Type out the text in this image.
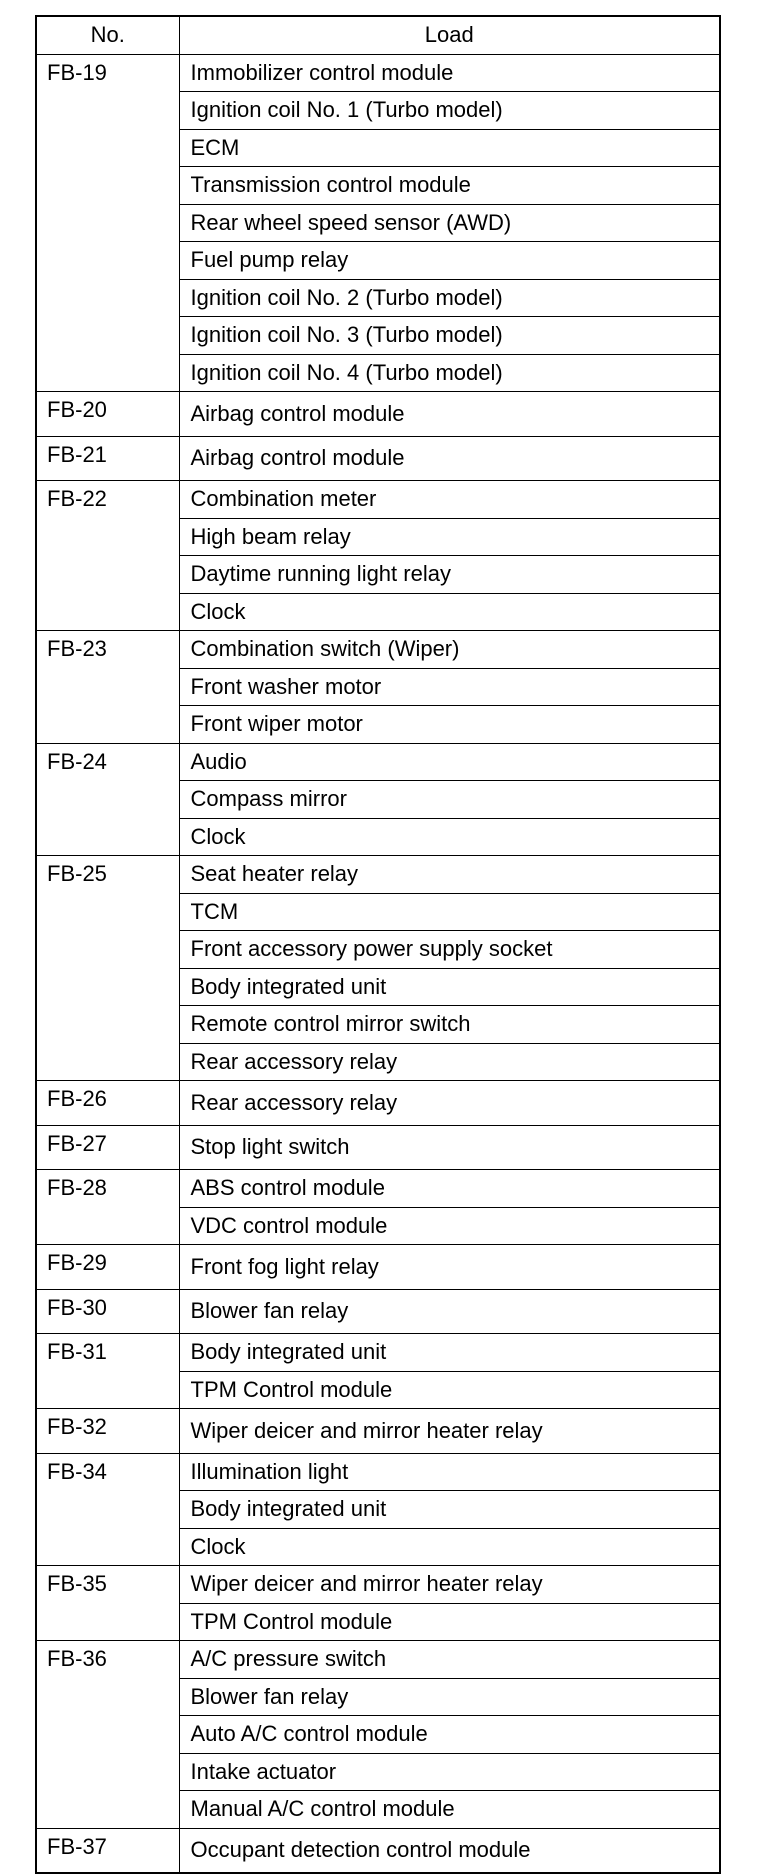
No.	Load
FB-19	Immobilizer control module
	Ignition coil No. 1 (Turbo model)
	ECM
	Transmission control module
	Rear wheel speed sensor (AWD)
	Fuel pump relay
	Ignition coil No. 2 (Turbo model)
	Ignition coil No. 3 (Turbo model)
	Ignition coil No. 4 (Turbo model)
FB-20	Airbag control module
FB-21	Airbag control module
FB-22	Combination meter
	High beam relay
	Daytime running light relay
	Clock
FB-23	Combination switch (Wiper)
	Front washer motor
	Front wiper motor
FB-24	Audio
	Compass mirror
	Clock
FB-25	Seat heater relay
	TCM
	Front accessory power supply socket
	Body integrated unit
	Remote control mirror switch
	Rear accessory relay
FB-26	Rear accessory relay
FB-27	Stop light switch
FB-28	ABS control module
	VDC control module
FB-29	Front fog light relay
FB-30	Blower fan relay
FB-31	Body integrated unit
	TPM Control module
FB-32	Wiper deicer and mirror heater relay
FB-34	Illumination light
	Body integrated unit
	Clock
FB-35	Wiper deicer and mirror heater relay
	TPM Control module
FB-36	A/C pressure switch
	Blower fan relay
	Auto A/C control module
	Intake actuator
	Manual A/C control module
FB-37	Occupant detection control module
